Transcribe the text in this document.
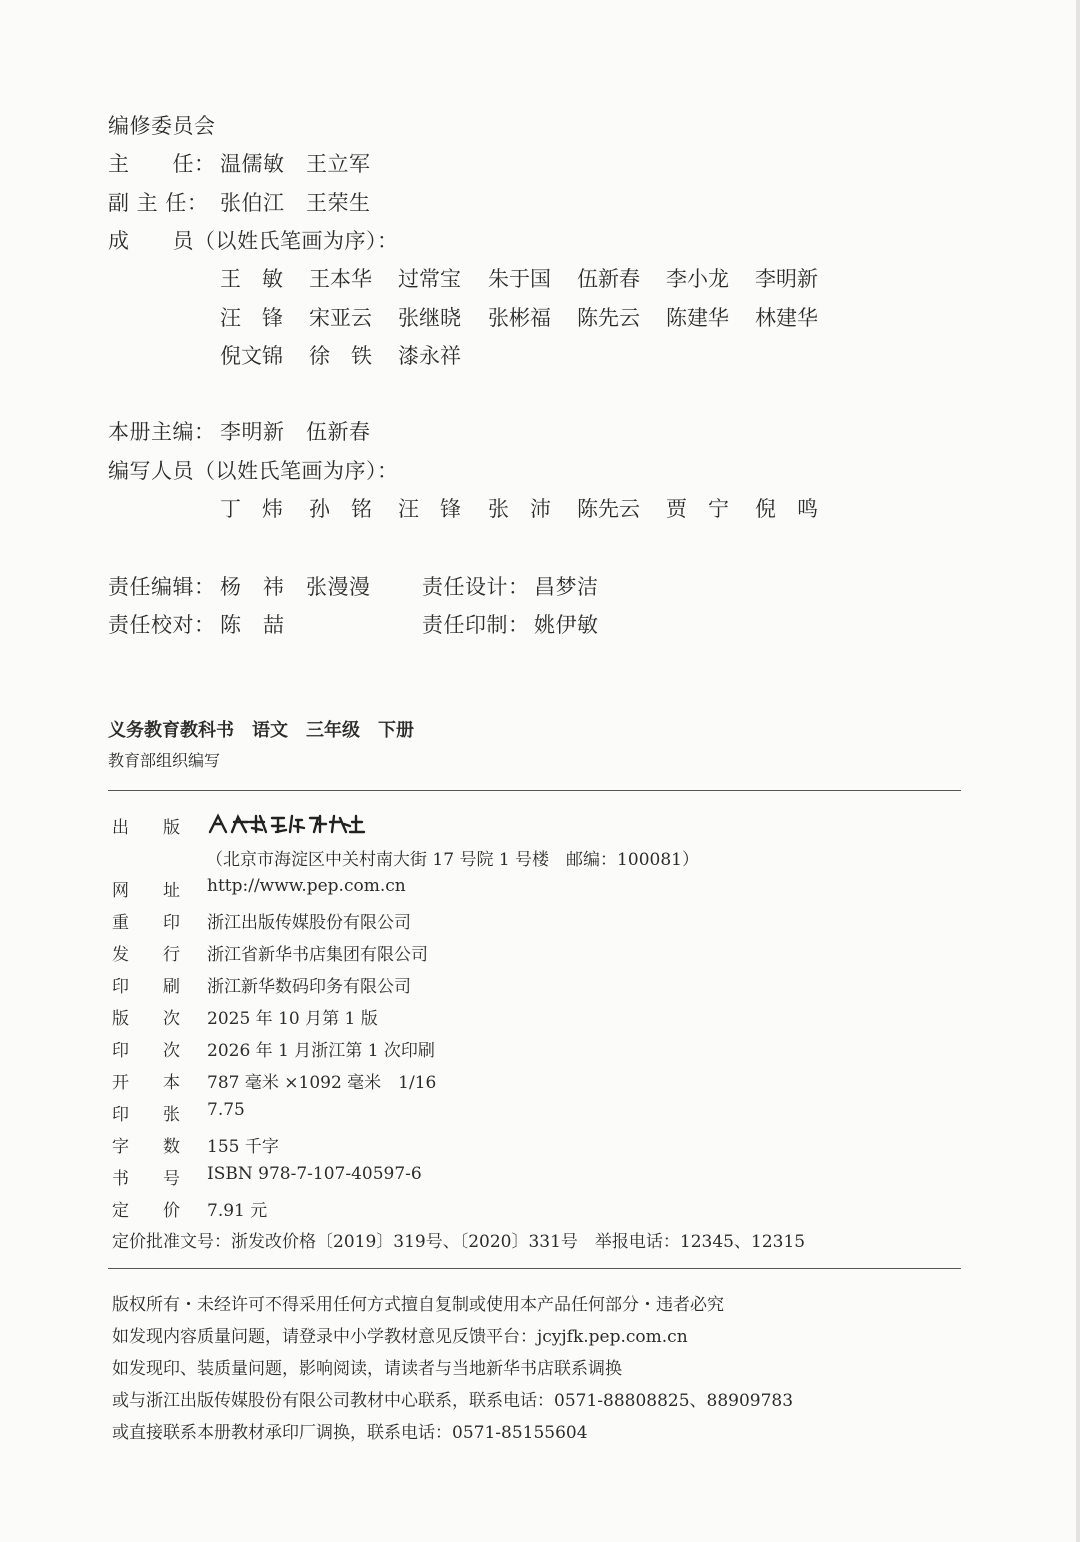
编修委员会
主　　任： 温儒敏　王立军
副 主 任： 张伯江　王荣生
成　　员（以姓氏笔画为序）：
王　敏 王本华 过常宝 朱于国 伍新春 李小龙 李明新
汪　锋 宋亚云 张继晓 张彬福 陈先云 陈建华 林建华
倪文锦 徐　铁 漆永祥
本册主编： 李明新　伍新春
编写人员（以姓氏笔画为序）：
丁　炜 孙　铭 汪　锋 张　沛 陈先云 贾　宁 倪　鸣
责任编辑： 杨　祎　张漫漫 责任设计： 昌梦洁
责任校对： 陈　喆	责任印制： 姚伊敏
义务教育教科书　语文　三年级　下册
教育部组织编写
出　　版
（北京市海淀区中关村南大街 17 号院 1 号楼　邮编：100081）
网　　址 http://www.pep.com.cn
重　　印 浙江出版传媒股份有限公司
发　　行 浙江省新华书店集团有限公司
印　　刷 浙江新华数码印务有限公司
版　　次 2025 年 10 月第 1 版
印　　次 2026 年 1 月浙江第 1 次印刷
开　　本 787 毫米 ×1092 毫米　1/16
印　　张 7.75
字　　数 155 千字
书　　号 ISBN 978-7-107-40597-6
定　　价 7.91 元
定价批准文号：浙发改价格〔2019〕319号、〔2020〕331号　举报电话：12345、12315
版权所有・未经许可不得采用任何方式擅自复制或使用本产品任何部分・违者必究
如发现内容质量问题，请登录中小学教材意见反馈平台：jcyjfk.pep.com.cn
如发现印、装质量问题，影响阅读，请读者与当地新华书店联系调换
或与浙江出版传媒股份有限公司教材中心联系，联系电话：0571-88808825、88909783
或直接联系本册教材承印厂调换，联系电话：0571-85155604
